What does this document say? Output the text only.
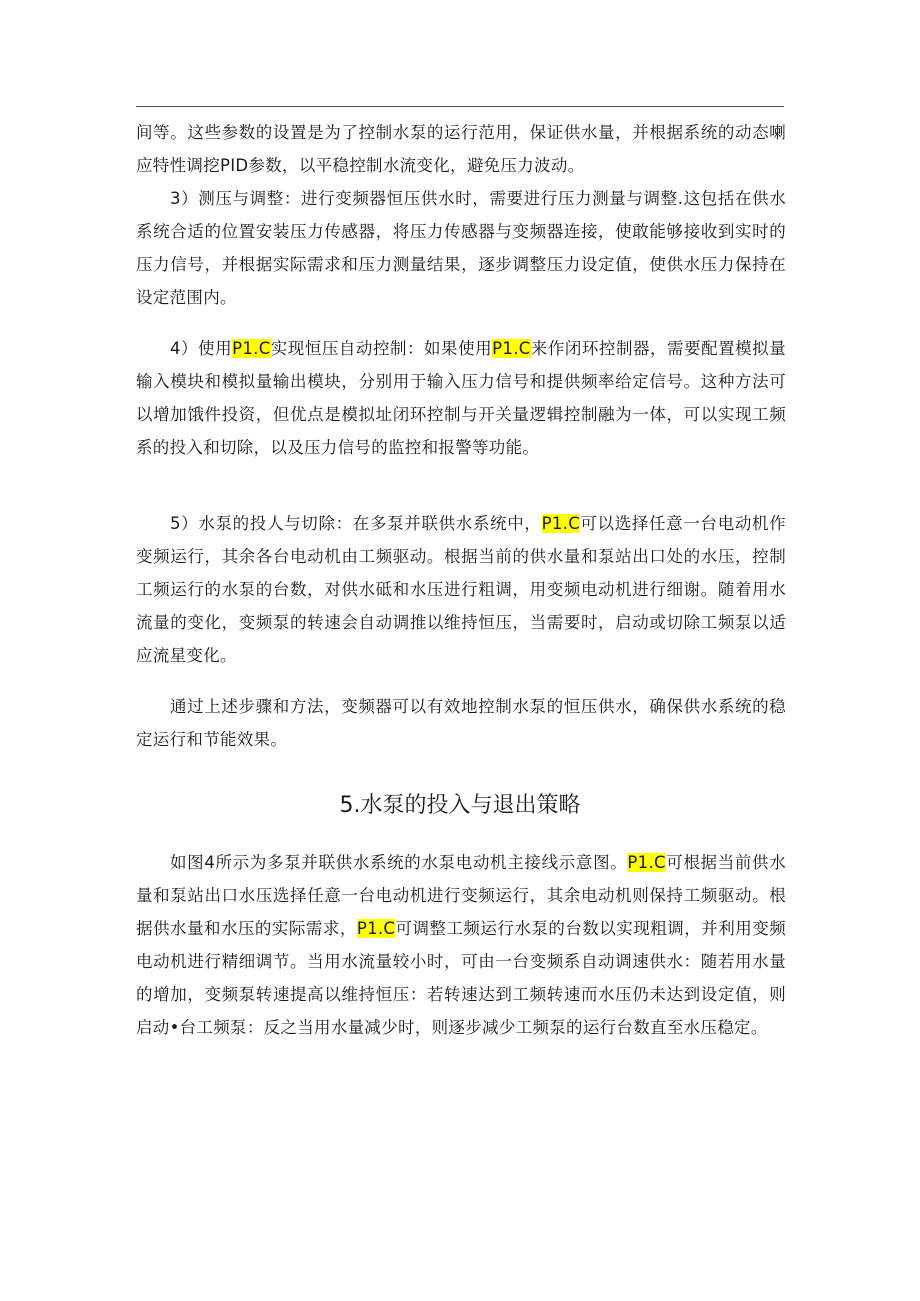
间等。这些参数的设置是为了控制水泵的运行范用，保证供水量，并根据系统的动态喇应特性调挖PID参数，以平稳控制水流变化，避免压力波动。

3）测压与调整：进行变频器恒压供水时，需要进行压力测量与调整.这包括在供水系统合适的位置安装压力传感器，将压力传感器与变频器连接，使敢能够接收到实时的压力信号，并根据实际需求和压力测量结果，逐步调整压力设定值，使供水压力保持在设定范围内。

4）使用P1.C实现恒压自动控制：如果使用P1.C来作闭环控制器，需要配置模拟量输入模块和模拟量输出模块，分别用于输入压力信号和提供频率给定信号。这种方法可以增加饿件投资，但优点是模拟址闭环控制与开关量逻辑控制融为一体，可以实现工频系的投入和切除，以及压力信号的监控和报警等功能。

5）水泵的投人与切除：在多泵并联供水系统中，P1.C可以选择任意一台电动机作变频运行，其余各台电动机由工频驱动。根据当前的供水量和泵站出口处的水压，控制工频运行的水泵的台数，对供水砥和水压进行粗调，用变频电动机进行细谢。随着用水流量的变化，变频泵的转速会自动调推以维持恒压，当需要时，启动或切除工频泵以适应流星变化。

通过上述步骤和方法，变频器可以有效地控制水泵的恒压供水，确保供水系统的稳定运行和节能效果。

5.水泵的投入与退出策略

如图4所示为多泵并联供水系统的水泵电动机主接线示意图。P1.C可根据当前供水量和泵站出口水压选择任意一台电动机进行变频运行，其余电动机则保持工频驱动。根据供水量和水压的实际需求，P1.C可调整工频运行水泵的台数以实现粗调，并利用变频电动机进行精细调节。当用水流量较小时，可由一台变频系自动调速供水：随若用水量的增加，变频泵转速提高以维持恒压：若转速达到工频转速而水压仍未达到设定值，则启动•台工频泵：反之当用水量减少时，则逐步减少工频泵的运行台数直至水压稳定。
